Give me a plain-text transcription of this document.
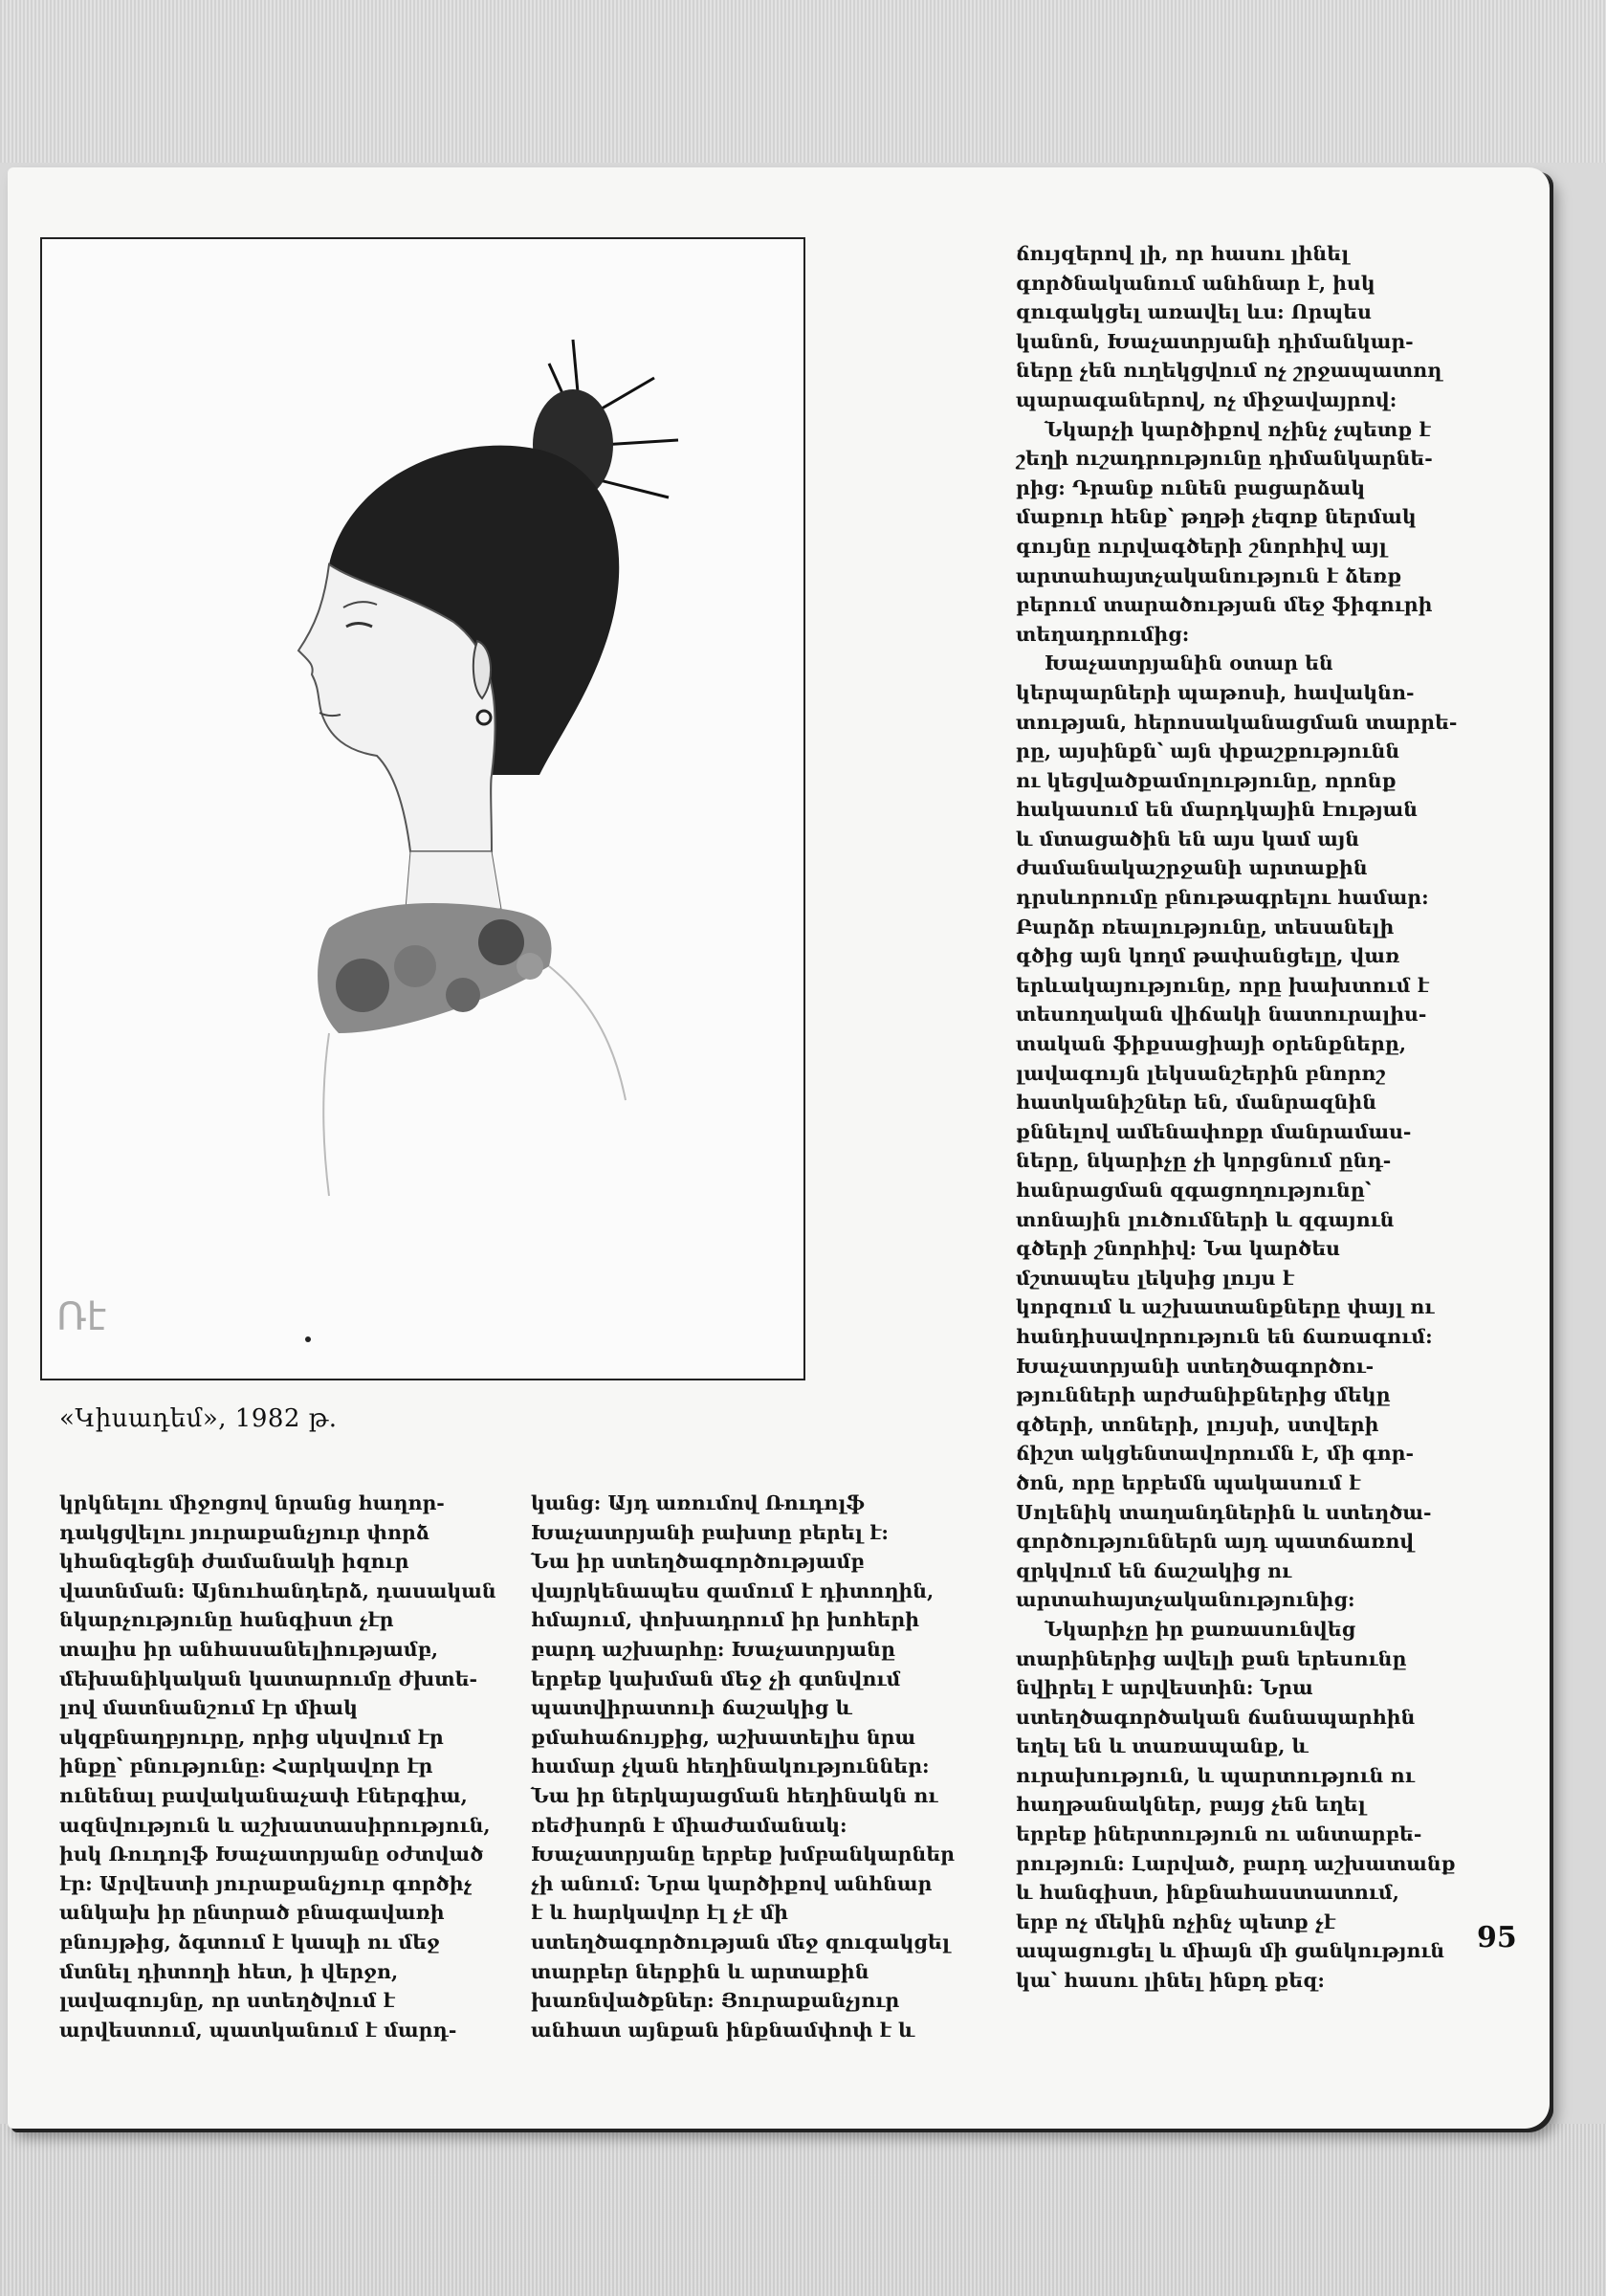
Ռէ
«Կիսադեմ», 1982 թ.

կրկնելու միջոցով նրանց հաղոր-

դակցվելու յուրաքանչյուր փորձ

կհանգեցնի ժամանակի իզուր

վատնման: Այնուհանդերձ, դասական

նկարչությունը հանգիստ չէր

տալիս իր անհասանելիությամբ,

մեխանիկական կատարումը ժխտե-

լով մատնանշում էր միակ

սկզբնաղբյուրը, որից սկսվում էր

ինքը՝ բնությունը: Հարկավոր էր

ունենալ բավականաչափ էներգիա,

ազնվություն և աշխատասիրություն,

իսկ Ռուդոլֆ Խաչատրյանը օժտված

էր: Արվեստի յուրաքանչյուր գործիչ

անկախ իր ընտրած բնագավառի

բնույթից, ձգտում է կապի ու մեջ

մտնել դիտողի հետ, ի վերջո,

լավագույնը, որ ստեղծվում է

արվեստում, պատկանում է մարդ-

կանց: Այդ առումով Ռուդոլֆ

Խաչատրյանի բախտը բերել է:

Նա իր ստեղծագործությամբ

վայրկենապես զամում է դիտողին,

հմայում, փոխադրում իր խոհերի

բարդ աշխարհը: Խաչատրյանը

երբեք կախման մեջ չի գտնվում

պատվիրատուի ճաշակից և

քմահաճույքից, աշխատելիս նրա

համար չկան հեղինակություններ:

Նա իր ներկայացման հեղինակն ու

ռեժիսորն է միաժամանակ:

Խաչատրյանը երբեք խմբանկարներ

չի անում: Նրա կարծիքով անհնար

է և հարկավոր էլ չէ մի

ստեղծագործության մեջ զուգակցել

տարբեր ներքին և արտաքին

խառնվածքներ: Յուրաքանչյուր

անհատ այնքան ինքնամփոփ է և

ճույզերով լի, որ հասու լինել

գործնականում անհնար է, իսկ

զուգակցել առավել ևս: Որպես

կանոն, Խաչատրյանի դիմանկար-

ները չեն ուղեկցվում ոչ շրջապատող

պարագաներով, ոչ միջավայրով:

Նկարչի կարծիքով ոչինչ չպետք է

շեղի ուշադրությունը դիմանկարնե-

րից: Դրանք ունեն բացարձակ

մաքուր հենք՝ թղթի չեզոք ներմակ

գույնը ուրվագծերի շնորհիվ այլ

արտահայտչականություն է ձեռք

բերում տարածության մեջ ֆիգուրի

տեղադրումից:

Խաչատրյանին օտար են

կերպարների պաթոսի, հավակնո-

տության, հերոսականացման տարրե-

րը, այսինքն՝ այն փքաշքությունն

ու կեցվածքամոլությունը, որոնք

հակասում են մարդկային էության

և մտացածին են այս կամ այն

ժամանակաշրջանի արտաքին

դրսևորումը բնութագրելու համար:

Բարձր ռեալությունը, տեսանելի

գծից այն կողմ թափանցելը, վառ

երևակայությունը, որը խախտում է

տեսողական վիճակի նատուրալիս-

տական ֆիքսացիայի օրենքները,

լավագույն լեկսանշերին բնորոշ

հատկանիշներ են, մանրազնին

քննելով ամենափոքր մանրամաս-

ները, նկարիչը չի կորցնում ընդ-

հանրացման զգացողությունը՝

տոնային լուծումների և զգայուն

գծերի շնորհիվ: Նա կարծես

մշտապես լեկսից լույս է

կորզում և աշխատանքները փայլ ու

հանդիսավորություն են ճառագում:

Խաչատրյանի ստեղծագործու-

թյունների արժանիքներից մեկը

գծերի, տոների, լույսի, ստվերի

ճիշտ ակցենտավորումն է, մի գոր-

ծոն, որը երբեմն պակասում է

Սոլենիկ տաղանդներին և ստեղծա-

գործություններն այդ պատճառով

զրկվում են ճաշակից ու

արտահայտչականությունից:

Նկարիչը իր քառասունվեց

տարիներից ավելի քան երեսունը

նվիրել է արվեստին: Նրա

ստեղծագործական ճանապարհին

եղել են և տառապանք, և

ուրախություն, և պարտություն ու

հաղթանակներ, բայց չեն եղել

երբեք իներտություն ու անտարբե-

րություն: Լարված, բարդ աշխատանք

և հանգիստ, ինքնահաստատում,

երբ ոչ մեկին ոչինչ պետք չէ

ապացուցել և միայն մի ցանկություն

կա՝ հասու լինել ինքդ քեզ:

95
